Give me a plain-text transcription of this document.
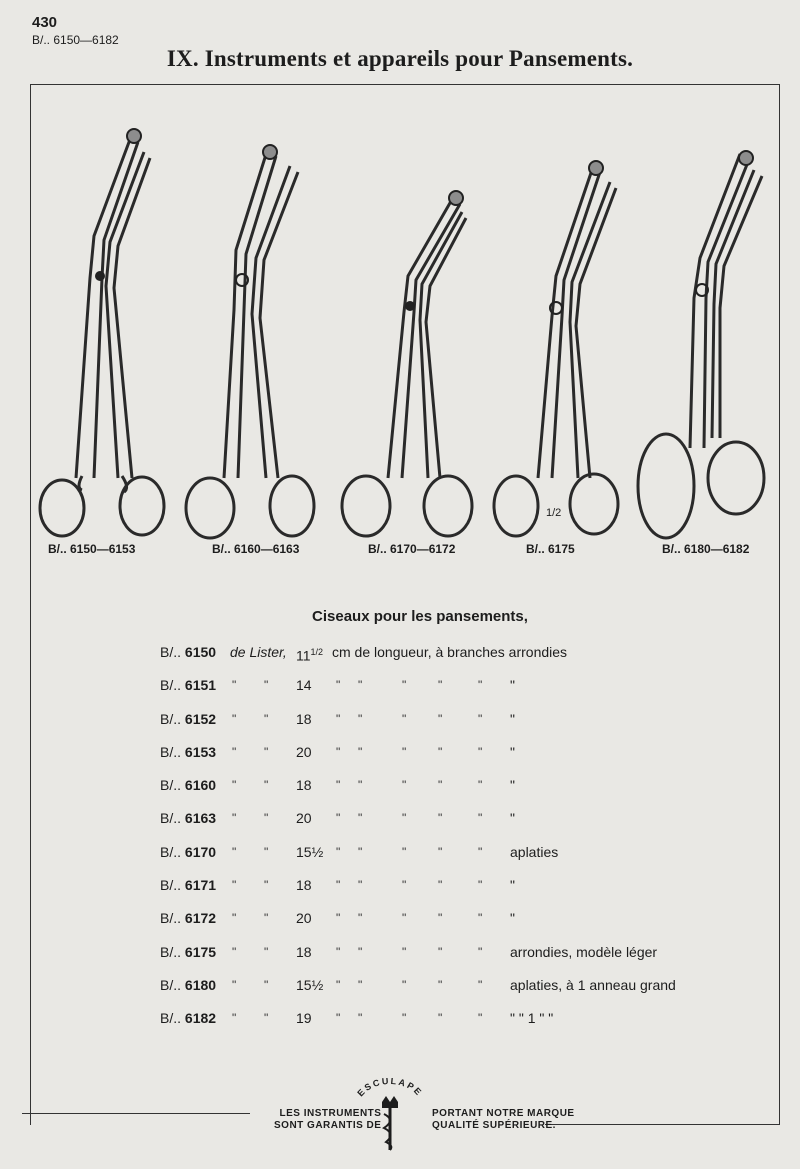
430
B/.. 6150—6182
IX. Instruments et appareils pour Pansements.
B/.. 6150—6153	B/.. 6160—6163	B/.. 6170—6172	B/.. 6175	B/.. 6180—6182
1/2
Ciseaux pour les pansements,
B/.. 6150 de Lister, $11^{1/2}$ cm de longueur, à branches arrondies
B/.. 6151 " " 14 " "	"	"	" "
B/.. 6152 " " 18 " "	"	"	" "
B/.. 6153 " " 20 " "	"	"	" "
B/.. 6160 " " 18 " "	"	"	" "
B/.. 6163 " " 20 " "	"	"	" "
B/.. 6170 " " 15½ " "	"	"	" aplaties
B/.. 6171 " " 18 " "	"	"	" "
B/.. 6172 " " 20 " "	"	"	" "
B/.. 6175 " " 18 " "	"	"	" arrondies, modèle léger
B/.. 6180 " " 15½ " "	"	"	" aplaties, à 1 anneau grand
B/.. 6182 " " 19 " "	"	"	" " " 1 " "
LES INSTRUMENTS
SONT GARANTIS DE
PORTANT NOTRE MARQUE
QUALITÉ SUPÉRIEURE.
ESCULAPE
